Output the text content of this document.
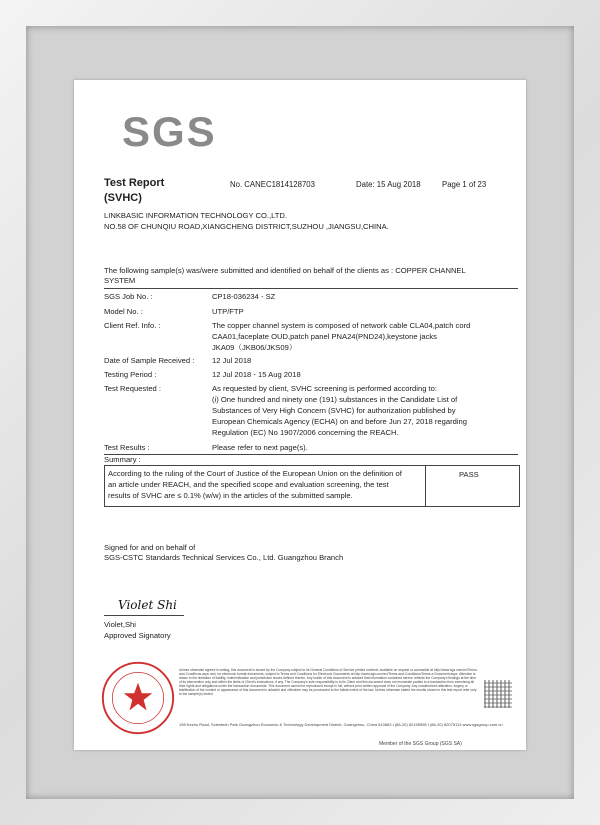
SGS
Test Report
(SVHC)
No. CANEC1814128703	Date: 15 Aug 2018	Page 1 of 23
LINKBASIC INFORMATION TECHNOLOGY CO.,LTD.
NO.58 OF CHUNQIU ROAD,XIANGCHENG DISTRICT,SUZHOU ,JIANGSU,CHINA.
The following sample(s) was/were submitted and identified on behalf of the clients as : COPPER CHANNEL
SYSTEM
SGS Job No. :	CP18-036234 - SZ
Model No. :	UTP/FTP
Client Ref. Info. :	The copper channel system is composed of network cable CLA04,patch cord
CAA01,faceplate OUD,patch panel PNA24(PND24),keystone jacks
JKA09（JKB06/JKS09）
Date of Sample Received : 12 Jul 2018
Testing Period :	12 Jul 2018 - 15 Aug 2018
Test Requested :	As requested by client, SVHC screening is performed according to:
(i) One hundred and ninety one (191) substances in the Candidate List of
Substances of Very High Concern (SVHC) for authorization published by
European Chemicals Agency (ECHA) on and before Jun 27, 2018 regarding
Regulation (EC) No 1907/2006 concerning the REACH.
Test Results :	Please refer to next page(s).
Summary :
According to the ruling of the Court of Justice of the European Union on the definition of
an article under REACH, and the specified scope and evaluation screening, the test
results of SVHC are ≤ 0.1% (w/w) in the articles of the submitted sample.
PASS
Signed for and on behalf of
SGS-CSTC Standards Technical Services Co., Ltd. Guangzhou Branch
Violet Shi
Violet,Shi
Approved Signatory
Unless otherwise agreed in writing, this document is issued by the Company subject to its General Conditions of Service printed overleaf, available on request or accessible at http://www.sgs.com/en/Terms-and-Conditions.aspx and, for electronic format documents, subject to Terms and Conditions for Electronic Documents at http://www.sgs.com/en/Terms-and-Conditions/Terms-e-Document.aspx. Attention is drawn to the limitation of liability, indemnification and jurisdiction issues defined therein. Any holder of this document is advised that information contained hereon reflects the Company's findings at the time of its intervention only and within the limits of Client's instructions, if any. The Company's sole responsibility is to its Client and this document does not exonerate parties to a transaction from exercising all their rights and obligations under the transaction documents. This document cannot be reproduced except in full, without prior written approval of the Company. Any unauthorized alteration, forgery or falsification of the content or appearance of this document is unlawful and offenders may be prosecuted to the fullest extent of the law. Unless otherwise stated the results shown in this test report refer only to the sample(s) tested.
198 Kezhu Road, Scientech Park Guangzhou Economic & Technology Development District, Guangzhou, China 510663 t (86-20) 82155555 f (86-20) 82075113 www.sgsgroup.com.cn
Member of the SGS Group (SGS SA)
